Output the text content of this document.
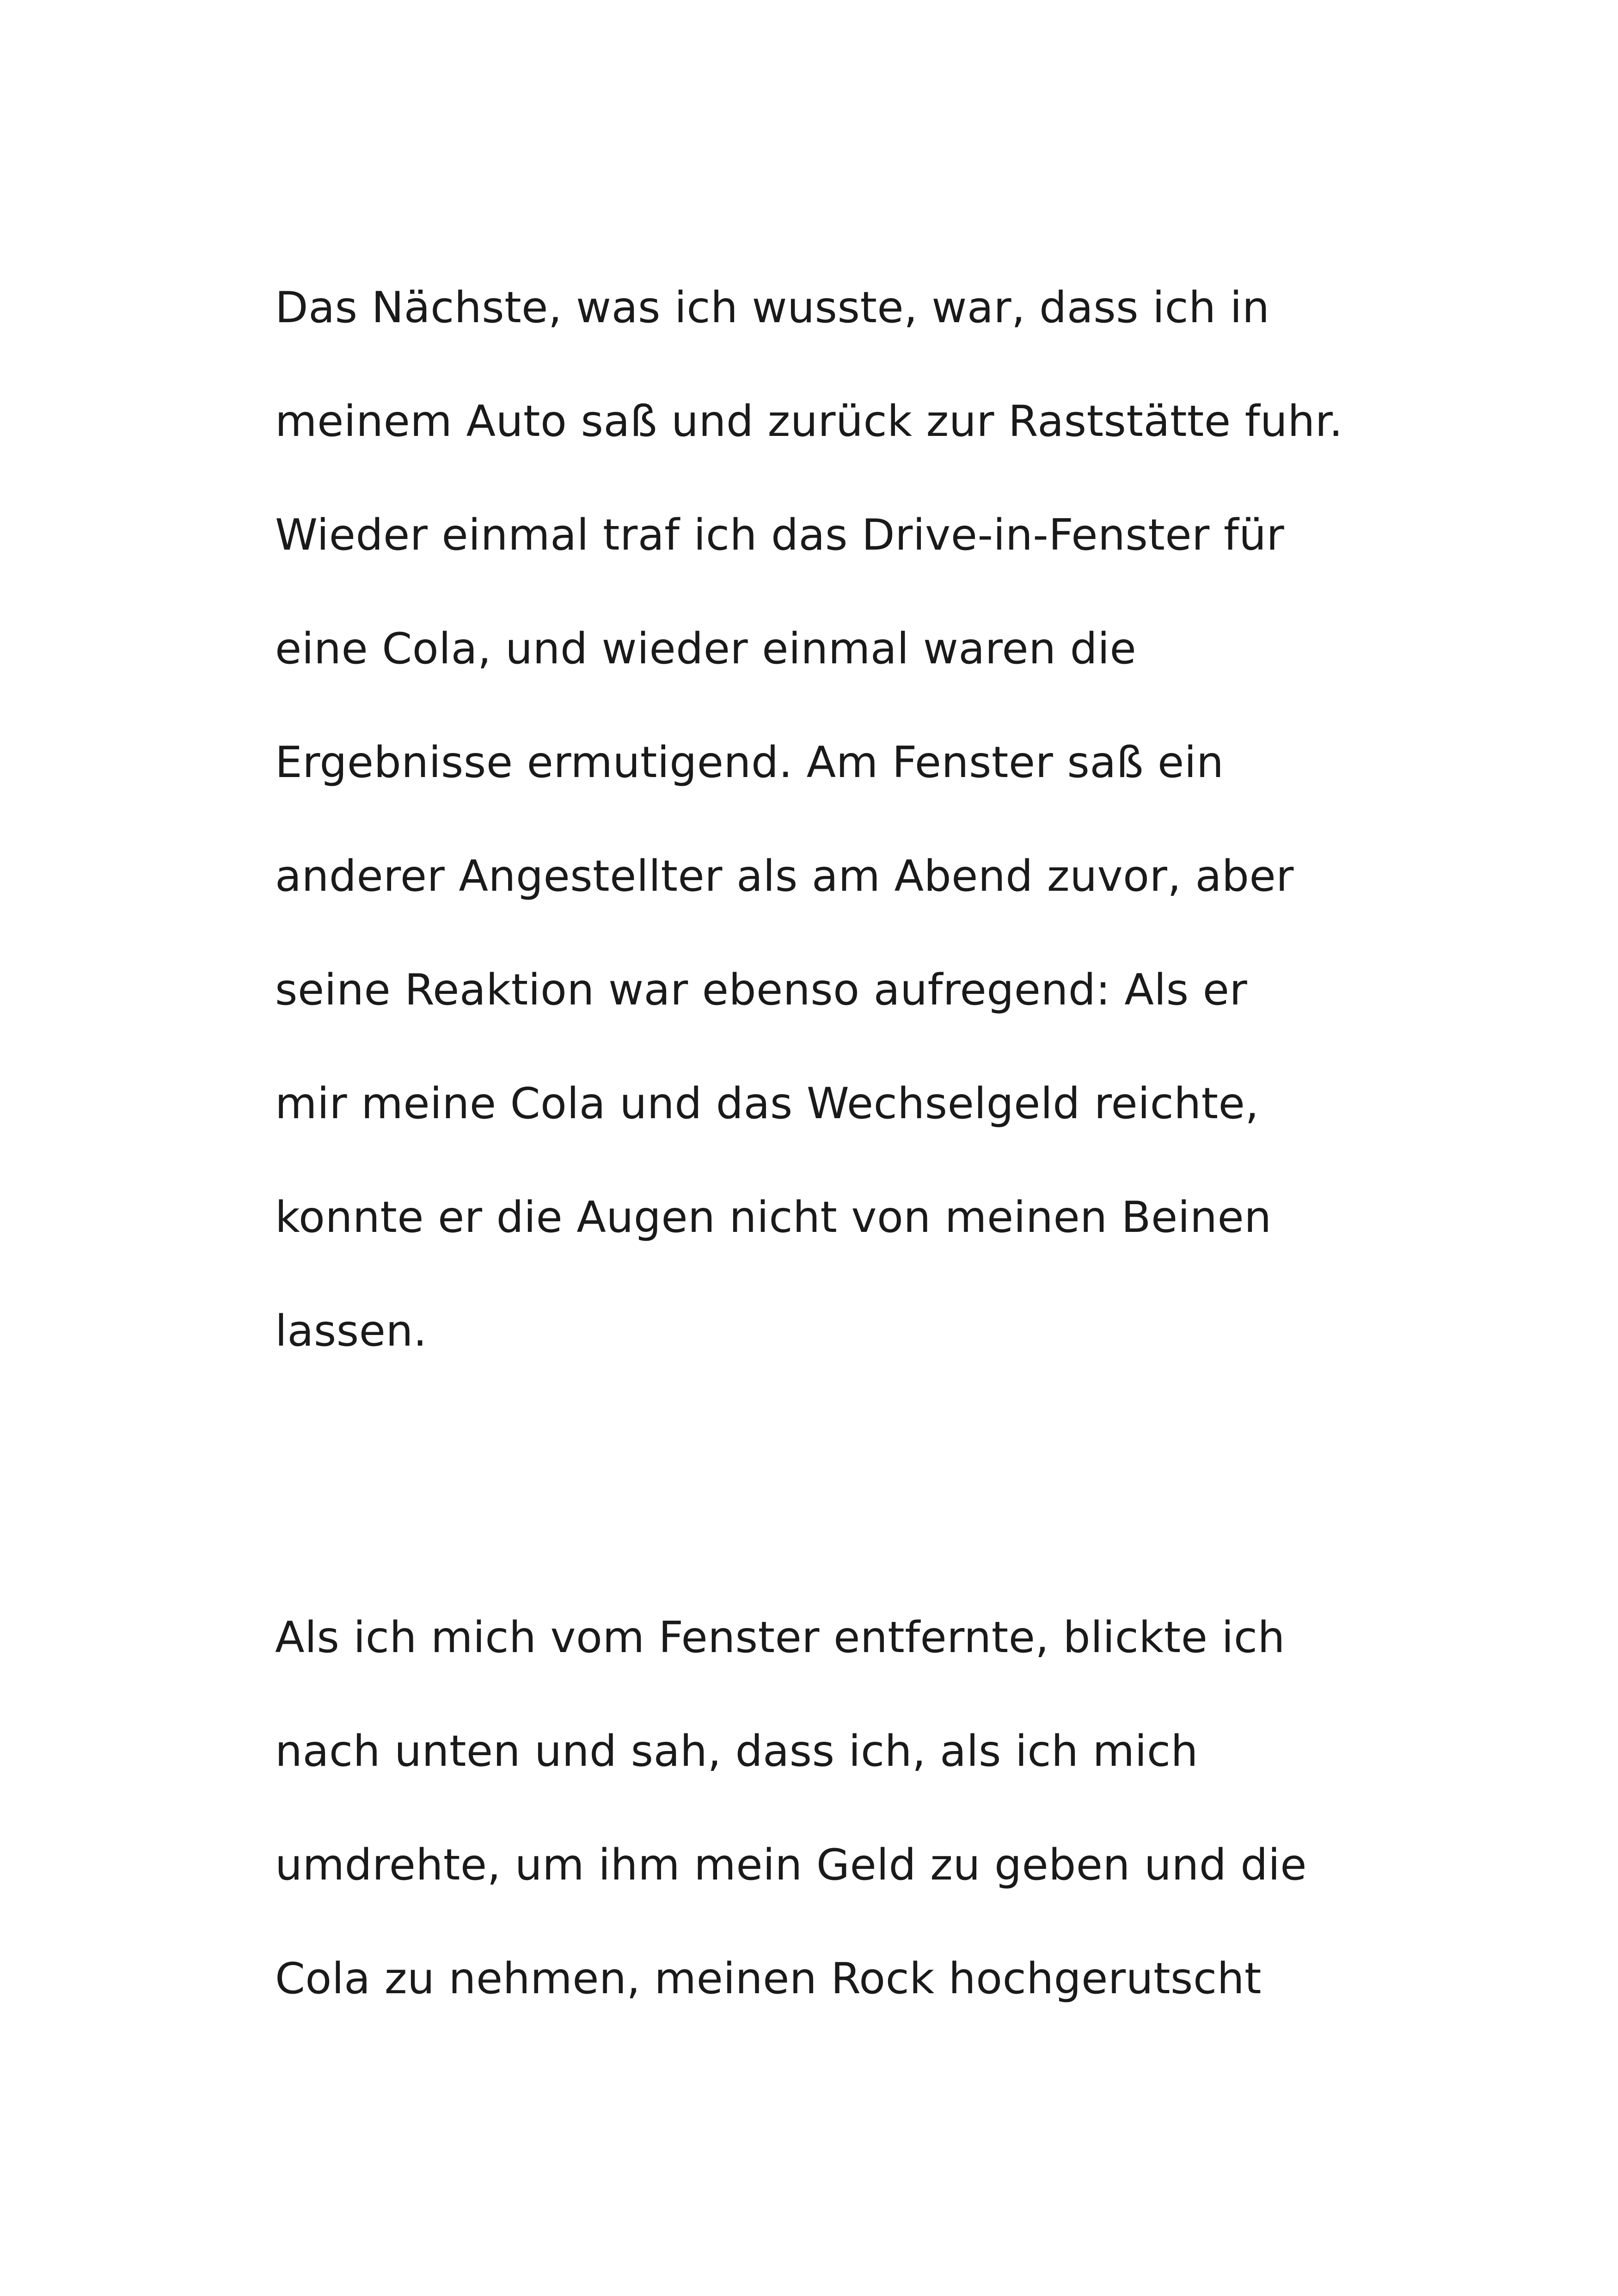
Das Nächste, was ich wusste, war, dass ich in

meinem Auto saß und zurück zur Raststätte fuhr.

Wieder einmal traf ich das Drive-in-Fenster für

eine Cola, und wieder einmal waren die

Ergebnisse ermutigend. Am Fenster saß ein

anderer Angestellter als am Abend zuvor, aber

seine Reaktion war ebenso aufregend: Als er

mir meine Cola und das Wechselgeld reichte,

konnte er die Augen nicht von meinen Beinen

lassen.

Als ich mich vom Fenster entfernte, blickte ich

nach unten und sah, dass ich, als ich mich

umdrehte, um ihm mein Geld zu geben und die

Cola zu nehmen, meinen Rock hochgerutscht
